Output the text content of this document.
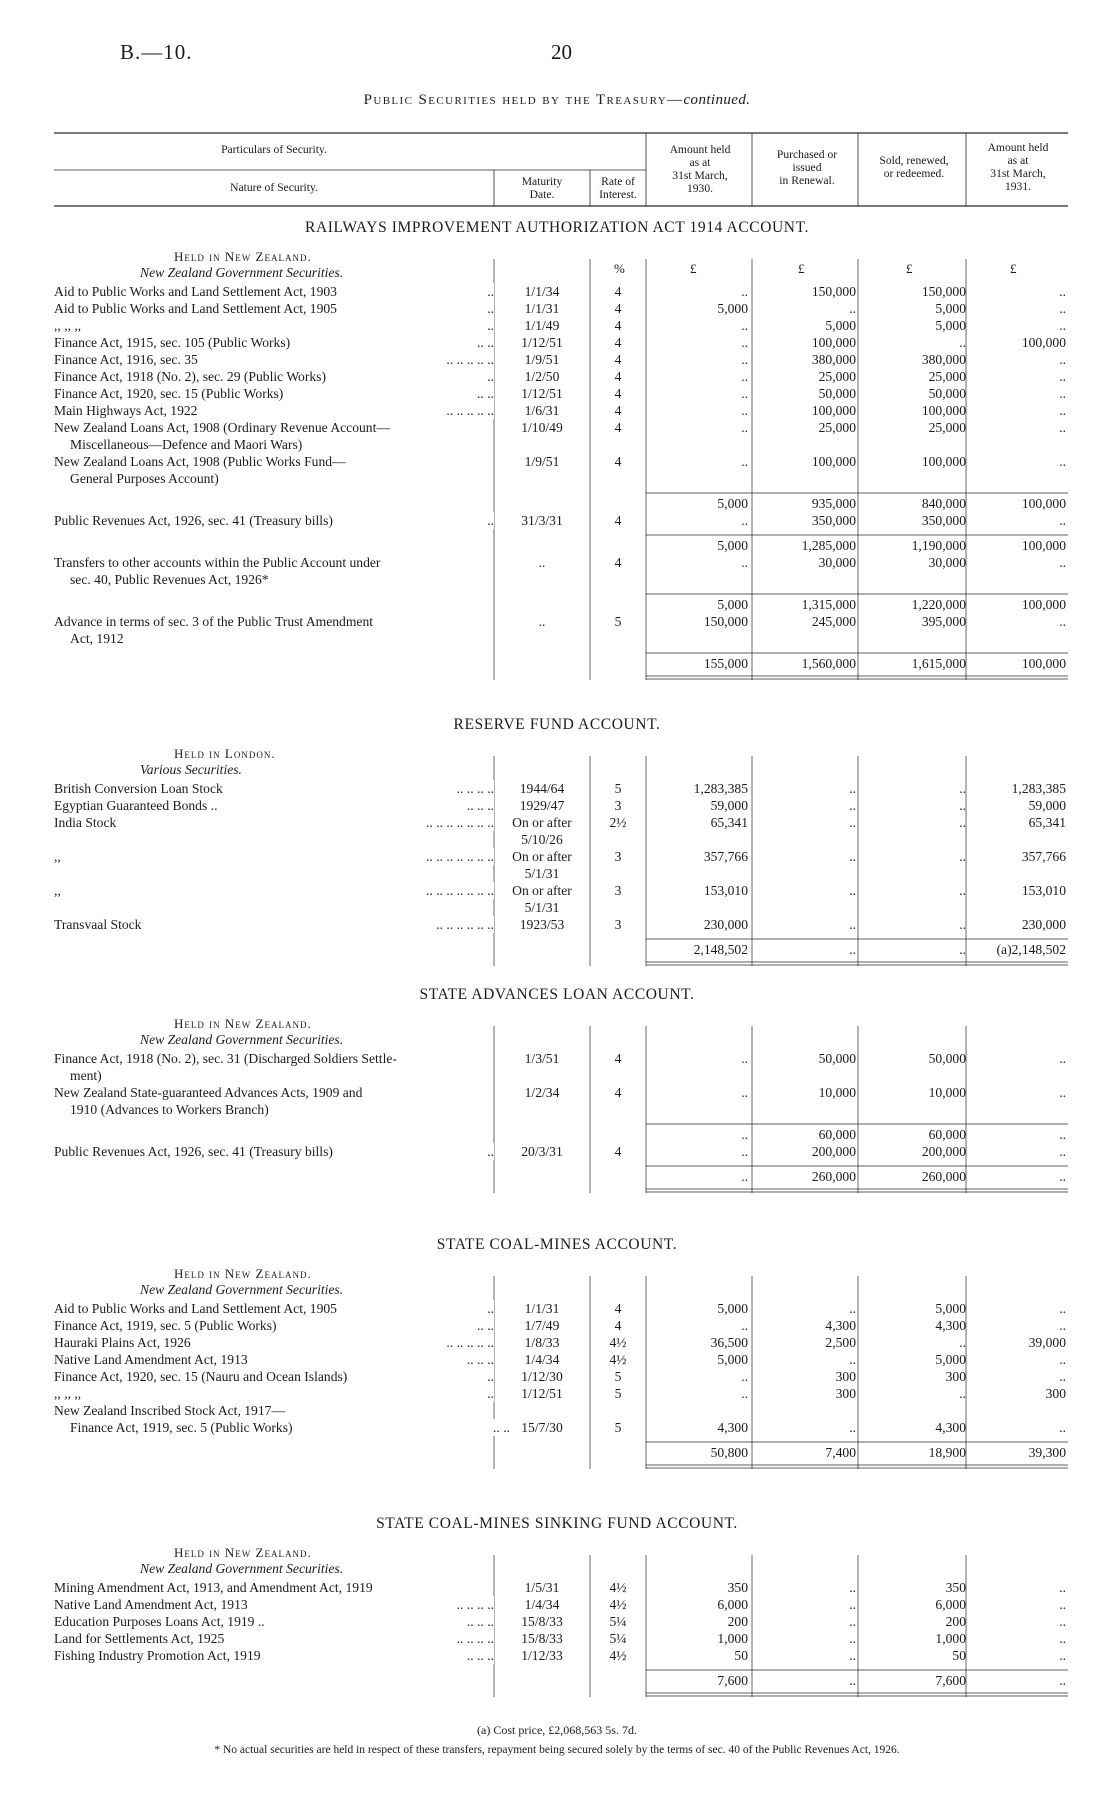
B.—10.	20
Public Securities held by the Treasury—continued.
Particulars of Security.
Nature of Security.	Maturity
Date.
Rate of
Interest.
Amount held
as at
31st March,
1930.
Purchased or
issued
in Renewal.
Sold, renewed,
or redeemed.
Amount held
as at
31st March,
1931.
RAILWAYS IMPROVEMENT AUTHORIZATION ACT 1914 ACCOUNT.
Held in New Zealand.
%	£	£	£	£
New Zealand Government Securities.
Aid to Public Works and Land Settlement Act, 1903	..	1/1/34	4	..	150,000	150,000	..
Aid to Public Works and Land Settlement Act, 1905	..	1/1/31	4	5,000	..	5,000	..
,, ,, ,,	..	1/1/49	4	..	5,000	5,000	..
Finance Act, 1915, sec. 105 (Public Works)	.. ..	1/12/51	4	..	100,000	..	100,000
Finance Act, 1916, sec. 35	.. .. .. .. ..	1/9/51	4	..	380,000	380,000	..
Finance Act, 1918 (No. 2), sec. 29 (Public Works)	..	1/2/50	4	..	25,000	25,000	..
Finance Act, 1920, sec. 15 (Public Works)	.. ..	1/12/51	4	..	50,000	50,000	..
Main Highways Act, 1922	.. .. .. .. ..	1/6/31	4	..	100,000	100,000	..
New Zealand Loans Act, 1908 (Ordinary Revenue Account—	1/10/49	4	..	25,000	25,000	..
Miscellaneous—Defence and Maori Wars)
New Zealand Loans Act, 1908 (Public Works Fund—	1/9/51	4	..	100,000	100,000	..
General Purposes Account)
5,000	935,000	840,000	100,000
Public Revenues Act, 1926, sec. 41 (Treasury bills)	..	31/3/31	4	..	350,000	350,000	..
5,000	1,285,000	1,190,000	100,000
Transfers to other accounts within the Public Account under	..	4	..	30,000	30,000	..
sec. 40, Public Revenues Act, 1926*
5,000	1,315,000	1,220,000	100,000
Advance in terms of sec. 3 of the Public Trust Amendment	..	5	150,000	245,000	395,000	..
Act, 1912
155,000	1,560,000	1,615,000	100,000
RESERVE FUND ACCOUNT.
Held in London.
Various Securities.
British Conversion Loan Stock	.. .. .. ..	1944/64	5	1,283,385	..	..	1,283,385
Egyptian Guaranteed Bonds ..	.. .. ..	1929/47	3	59,000	..	..	59,000
India Stock	.. .. .. .. .. .. ..	On or after	2½	65,341	..	..	65,341
5/10/26
,,	.. .. .. .. .. .. ..	On or after	3	357,766	..	..	357,766
5/1/31
,,	.. .. .. .. .. .. ..	On or after	3	153,010	..	..	153,010
5/1/31
Transvaal Stock	.. .. .. .. .. ..	1923/53	3	230,000	..	..	230,000
2,148,502	..	..	(a)2,148,502
STATE ADVANCES LOAN ACCOUNT.
Held in New Zealand.
New Zealand Government Securities.
Finance Act, 1918 (No. 2), sec. 31 (Discharged Soldiers Settle-	1/3/51	4	..	50,000	50,000	..
ment)
New Zealand State-guaranteed Advances Acts, 1909 and	1/2/34	4	..	10,000	10,000	..
1910 (Advances to Workers Branch)
..	60,000	60,000	..
Public Revenues Act, 1926, sec. 41 (Treasury bills)	..	20/3/31	4	..	200,000	200,000	..
..	260,000	260,000	..
STATE COAL-MINES ACCOUNT.
Held in New Zealand.
New Zealand Government Securities.
Aid to Public Works and Land Settlement Act, 1905	..	1/1/31	4	5,000	..	5,000	..
Finance Act, 1919, sec. 5 (Public Works)	.. ..	1/7/49	4	..	4,300	4,300	..
Hauraki Plains Act, 1926	.. .. .. .. ..	1/8/33	4½	36,500	2,500	..	39,000
Native Land Amendment Act, 1913	.. .. ..	1/4/34	4½	5,000	..	5,000	..
Finance Act, 1920, sec. 15 (Nauru and Ocean Islands)	..	1/12/30	5	..	300	300	..
,, ,, ,,	..	1/12/51	5	..	300	..	300
New Zealand Inscribed Stock Act, 1917—
Finance Act, 1919, sec. 5 (Public Works)	.. .. 15/7/30	5	4,300	..	4,300	..
50,800	7,400	18,900	39,300
STATE COAL-MINES SINKING FUND ACCOUNT.
Held in New Zealand.
New Zealand Government Securities.
Mining Amendment Act, 1913, and Amendment Act, 1919	1/5/31	4½	350	..	350	..
Native Land Amendment Act, 1913	.. .. .. ..	1/4/34	4½	6,000	..	6,000	..
Education Purposes Loans Act, 1919 ..	.. .. ..	15/8/33	5¼	200	..	200	..
Land for Settlements Act, 1925	.. .. .. ..	15/8/33	5¼	1,000	..	1,000	..
Fishing Industry Promotion Act, 1919	.. .. ..	1/12/33	4½	50	..	50	..
7,600	..	7,600	..
(a) Cost price, £2,068,563 5s. 7d.
* No actual securities are held in respect of these transfers, repayment being secured solely by the terms of sec. 40 of the Public Revenues Act, 1926.
